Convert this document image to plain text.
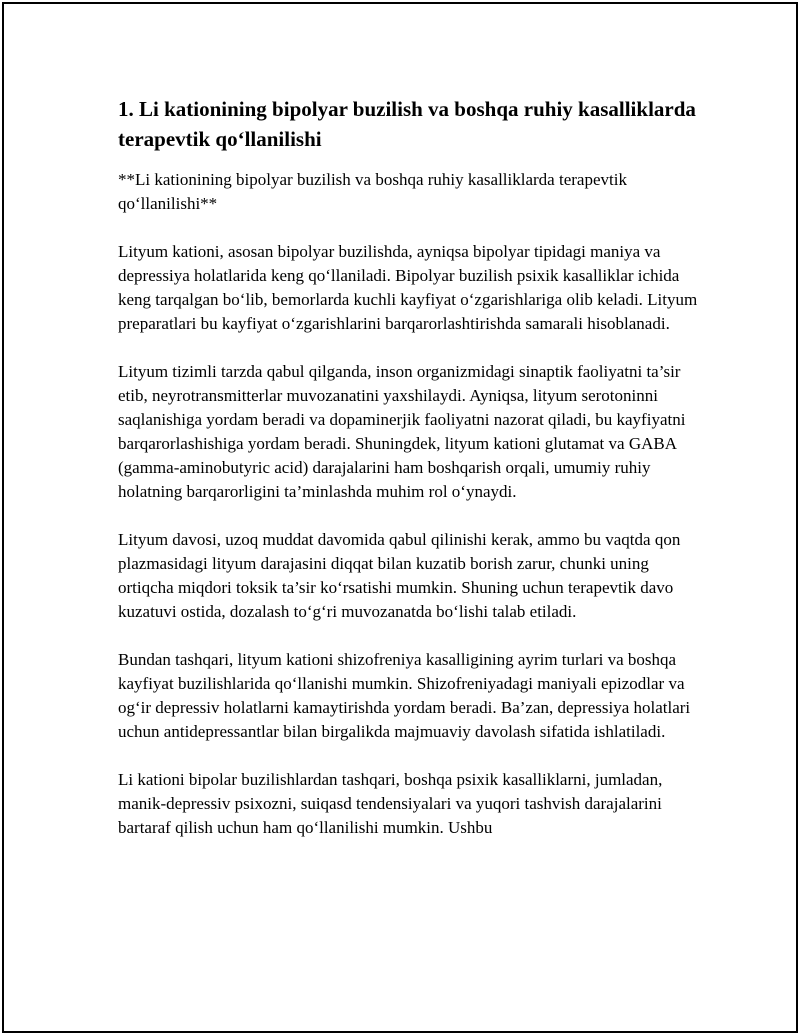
1. Li kationining bipolyar buzilish va boshqa ruhiy kasalliklarda terapevtik qo‘llanilishi

**Li kationining bipolyar buzilish va boshqa ruhiy kasalliklarda terapevtik qo‘llanilishi**

Lityum kationi, asosan bipolyar buzilishda, ayniqsa bipolyar tipidagi maniya va depressiya holatlarida keng qo‘llaniladi. Bipolyar buzilish psixik kasalliklar ichida keng tarqalgan bo‘lib, bemorlarda kuchli kayfiyat o‘zgarishlariga olib keladi. Lityum preparatlari bu kayfiyat o‘zgarishlarini barqarorlashtirishda samarali hisoblanadi.

Lityum tizimli tarzda qabul qilganda, inson organizmidagi sinaptik faoliyatni ta’sir etib, neyrotransmitterlar muvozanatini yaxshilaydi. Ayniqsa, lityum serotoninni saqlanishiga yordam beradi va dopaminerjik faoliyatni nazorat qiladi, bu kayfiyatni barqarorlashishiga yordam beradi. Shuningdek, lityum kationi glutamat va GABA (gamma-aminobutyric acid) darajalarini ham boshqarish orqali, umumiy ruhiy holatning barqarorligini ta’minlashda muhim rol o‘ynaydi.

Lityum davosi, uzoq muddat davomida qabul qilinishi kerak, ammo bu vaqtda qon plazmasidagi lityum darajasini diqqat bilan kuzatib borish zarur, chunki uning ortiqcha miqdori toksik ta’sir ko‘rsatishi mumkin. Shuning uchun terapevtik davo kuzatuvi ostida, dozalash to‘g‘ri muvozanatda bo‘lishi talab etiladi.

Bundan tashqari, lityum kationi shizofreniya kasalligining ayrim turlari va boshqa kayfiyat buzilishlarida qo‘llanishi mumkin. Shizofreniyadagi maniyali epizodlar va og‘ir depressiv holatlarni kamaytirishda yordam beradi. Ba’zan, depressiya holatlari uchun antidepressantlar bilan birgalikda majmuaviy davolash sifatida ishlatiladi.

Li kationi bipolar buzilishlardan tashqari, boshqa psixik kasalliklarni, jumladan, manik-depressiv psixozni, suiqasd tendensiyalari va yuqori tashvish darajalarini bartaraf qilish uchun ham qo‘llanilishi mumkin. Ushbu
